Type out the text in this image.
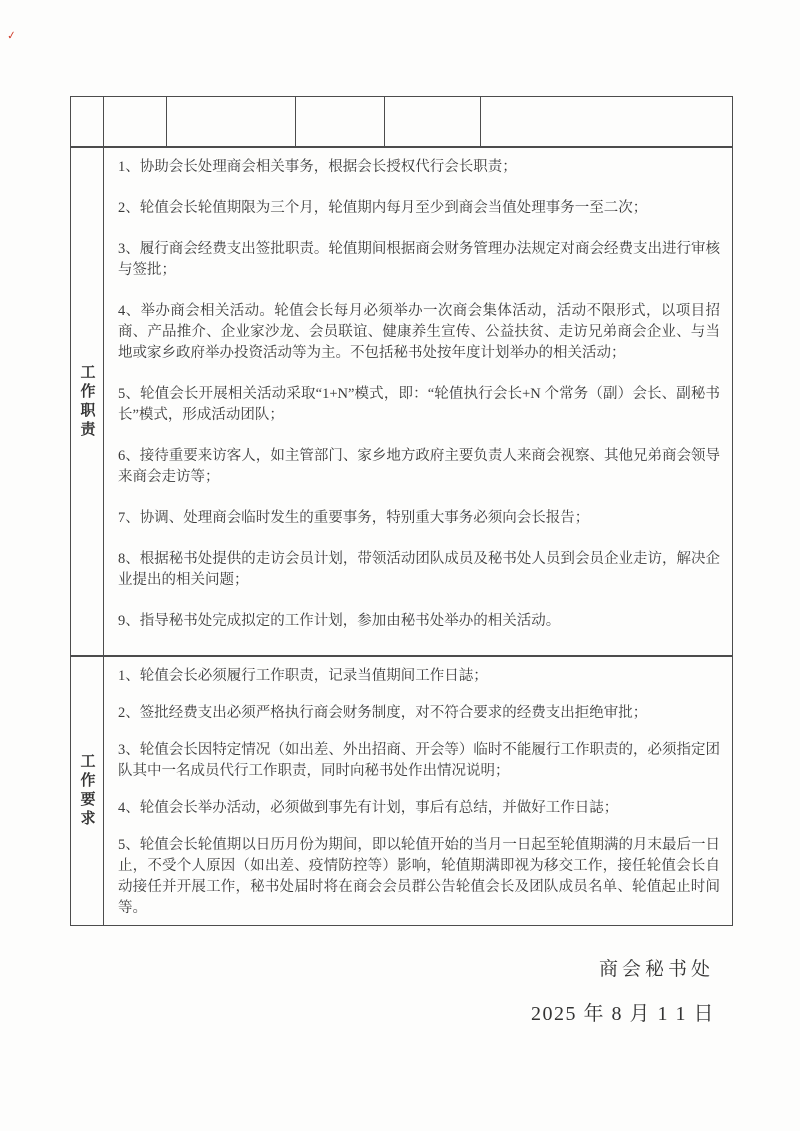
✓
工作职责

1、协助会长处理商会相关事务，根据会长授权代行会长职责；

2、轮值会长轮值期限为三个月，轮值期内每月至少到商会当值处理事务一至二次；

3、履行商会经费支出签批职责。轮值期间根据商会财务管理办法规定对商会经费支出进行审核与签批；

4、举办商会相关活动。轮值会长每月必须举办一次商会集体活动，活动不限形式，以项目招商、产品推介、企业家沙龙、会员联谊、健康养生宣传、公益扶贫、走访兄弟商会企业、与当地或家乡政府举办投资活动等为主。不包括秘书处按年度计划举办的相关活动；

5、轮值会长开展相关活动采取“1+N”模式，即：“轮值执行会长+N 个常务（副）会长、副秘书长”模式，形成活动团队；

6、接待重要来访客人，如主管部门、家乡地方政府主要负责人来商会视察、其他兄弟商会领导来商会走访等；

7、协调、处理商会临时发生的重要事务，特别重大事务必须向会长报告；

8、根据秘书处提供的走访会员计划，带领活动团队成员及秘书处人员到会员企业走访，解决企业提出的相关问题；

9、指导秘书处完成拟定的工作计划，参加由秘书处举办的相关活动。

工作要求

1、轮值会长必须履行工作职责，记录当值期间工作日誌；

2、签批经费支出必须严格执行商会财务制度，对不符合要求的经费支出拒绝审批；

3、轮值会长因特定情况（如出差、外出招商、开会等）临时不能履行工作职责的，必须指定团队其中一名成员代行工作职责，同时向秘书处作出情况说明；

4、轮值会长举办活动，必须做到事先有计划，事后有总结，并做好工作日誌；

5、轮值会长轮值期以日历月份为期间，即以轮值开始的当月一日起至轮值期满的月末最后一日止，不受个人原因（如出差、疫情防控等）影响，轮值期满即视为移交工作，接任轮值会长自动接任并开展工作，秘书处届时将在商会会员群公告轮值会长及团队成员名单、轮值起止时间等。

商会秘书处
2025 年 8 月 1 1 日
